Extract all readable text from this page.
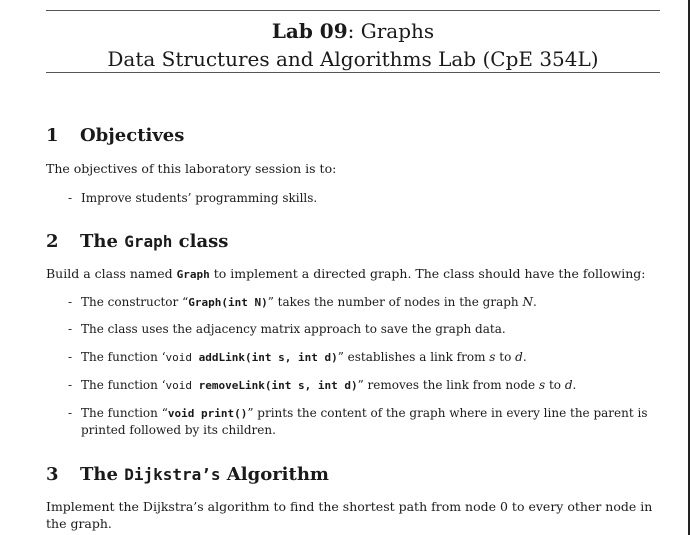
Lab 09: Graphs
Data Structures and Algorithms Lab (CpE 354L)
1 Objectives
The objectives of this laboratory session is to:
- Improve students’ programming skills.
2 The Graph class
Build a class named Graph to implement a directed graph. The class should have the following:
- The constructor “Graph(int N)” takes the number of nodes in the graph N.
- The class uses the adjacency matrix approach to save the graph data.
- The function ‘void addLink(int s, int d)” establishes a link from s to d.
- The function ‘void removeLink(int s, int d)” removes the link from node s to d.
- The function “void print()” prints the content of the graph where in every line the parent is printed followed by its children.
3 The Dijkstra’s Algorithm
Implement the Dijkstra’s algorithm to find the shortest path from node 0 to every other node in the graph.
